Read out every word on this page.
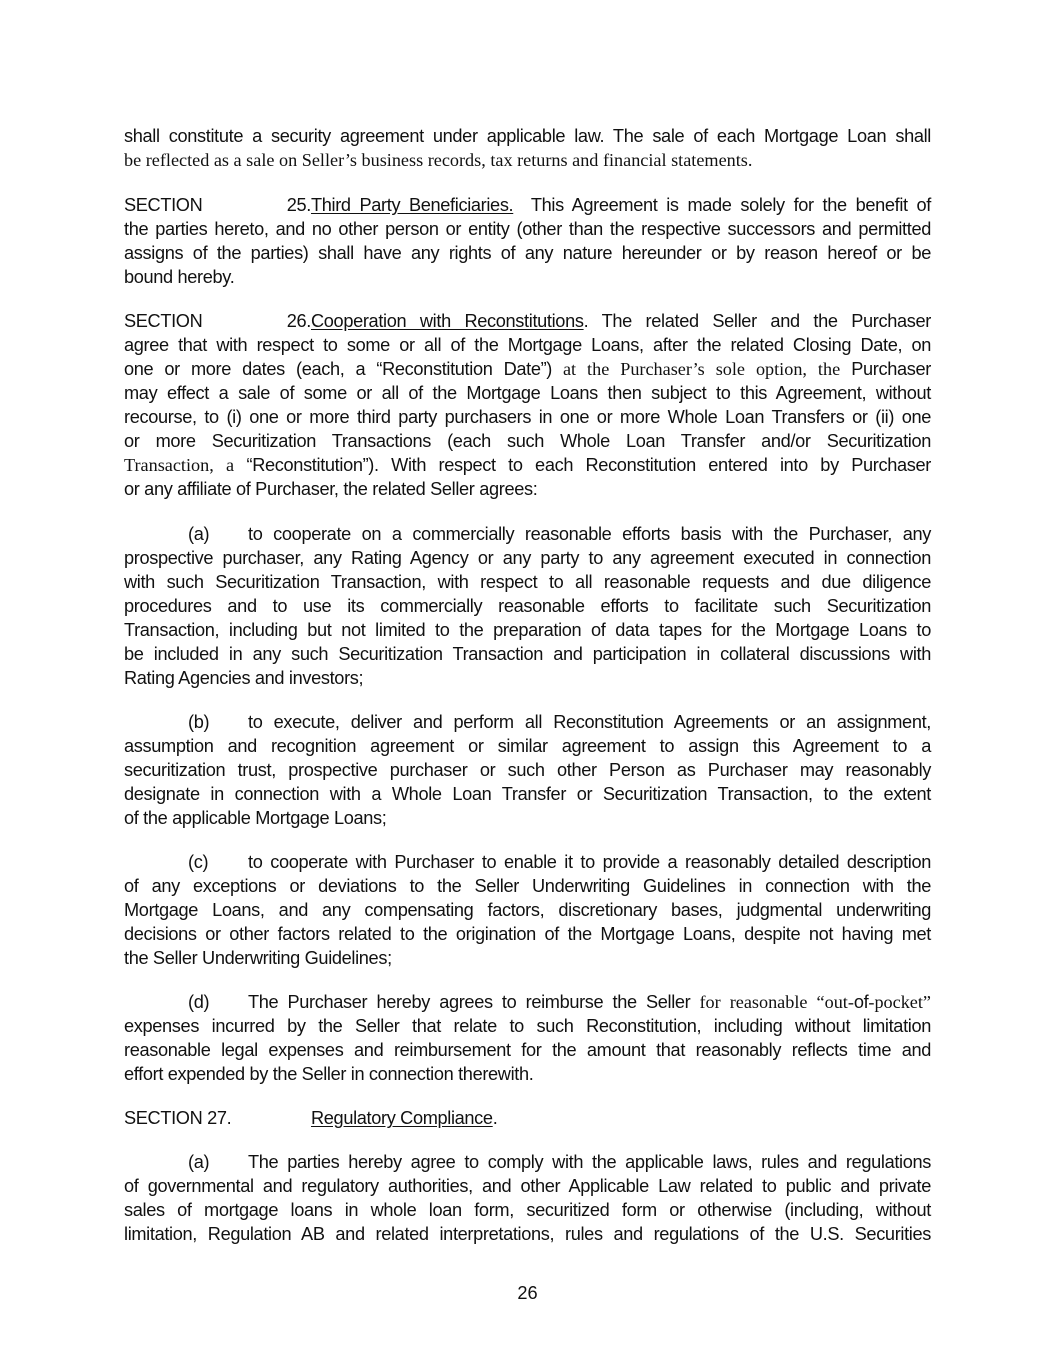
shall constitute a security agreement under applicable law. The sale of each Mortgage Loan shall
be reflected as a sale on Seller’s business records, tax returns and financial statements.
SECTION 25.Third Party Beneficiaries. This Agreement is made solely for the benefit of
the parties hereto, and no other person or entity (other than the respective successors and permitted
assigns of the parties) shall have any rights of any nature hereunder or by reason hereof or be
bound hereby.
SECTION 26.Cooperation with Reconstitutions. The related Seller and the Purchaser
agree that with respect to some or all of the Mortgage Loans, after the related Closing Date, on
one or more dates (each, a “Reconstitution Date”) at the Purchaser’s sole option, the Purchaser
may effect a sale of some or all of the Mortgage Loans then subject to this Agreement, without
recourse, to (i) one or more third party purchasers in one or more Whole Loan Transfers or (ii) one
or more Securitization Transactions (each such Whole Loan Transfer and/or Securitization
Transaction, a “Reconstitution”). With respect to each Reconstitution entered into by Purchaser
or any affiliate of Purchaser, the related Seller agrees:
(a) to cooperate on a commercially reasonable efforts basis with the Purchaser, any
prospective purchaser, any Rating Agency or any party to any agreement executed in connection
with such Securitization Transaction, with respect to all reasonable requests and due diligence
procedures and to use its commercially reasonable efforts to facilitate such Securitization
Transaction, including but not limited to the preparation of data tapes for the Mortgage Loans to
be included in any such Securitization Transaction and participation in collateral discussions with
Rating Agencies and investors;
(b) to execute, deliver and perform all Reconstitution Agreements or an assignment,
assumption and recognition agreement or similar agreement to assign this Agreement to a
securitization trust, prospective purchaser or such other Person as Purchaser may reasonably
designate in connection with a Whole Loan Transfer or Securitization Transaction, to the extent
of the applicable Mortgage Loans;
(c) to cooperate with Purchaser to enable it to provide a reasonably detailed description
of any exceptions or deviations to the Seller Underwriting Guidelines in connection with the
Mortgage Loans, and any compensating factors, discretionary bases, judgmental underwriting
decisions or other factors related to the origination of the Mortgage Loans, despite not having met
the Seller Underwriting Guidelines;
(d) The Purchaser hereby agrees to reimburse the Seller for reasonable “out-of-pocket”
expenses incurred by the Seller that relate to such Reconstitution, including without limitation
reasonable legal expenses and reimbursement for the amount that reasonably reflects time and
effort expended by the Seller in connection therewith.
SECTION 27.	Regulatory Compliance.
(a) The parties hereby agree to comply with the applicable laws, rules and regulations
of governmental and regulatory authorities, and other Applicable Law related to public and private
sales of mortgage loans in whole loan form, securitized form or otherwise (including, without
limitation, Regulation AB and related interpretations, rules and regulations of the U.S. Securities
26
